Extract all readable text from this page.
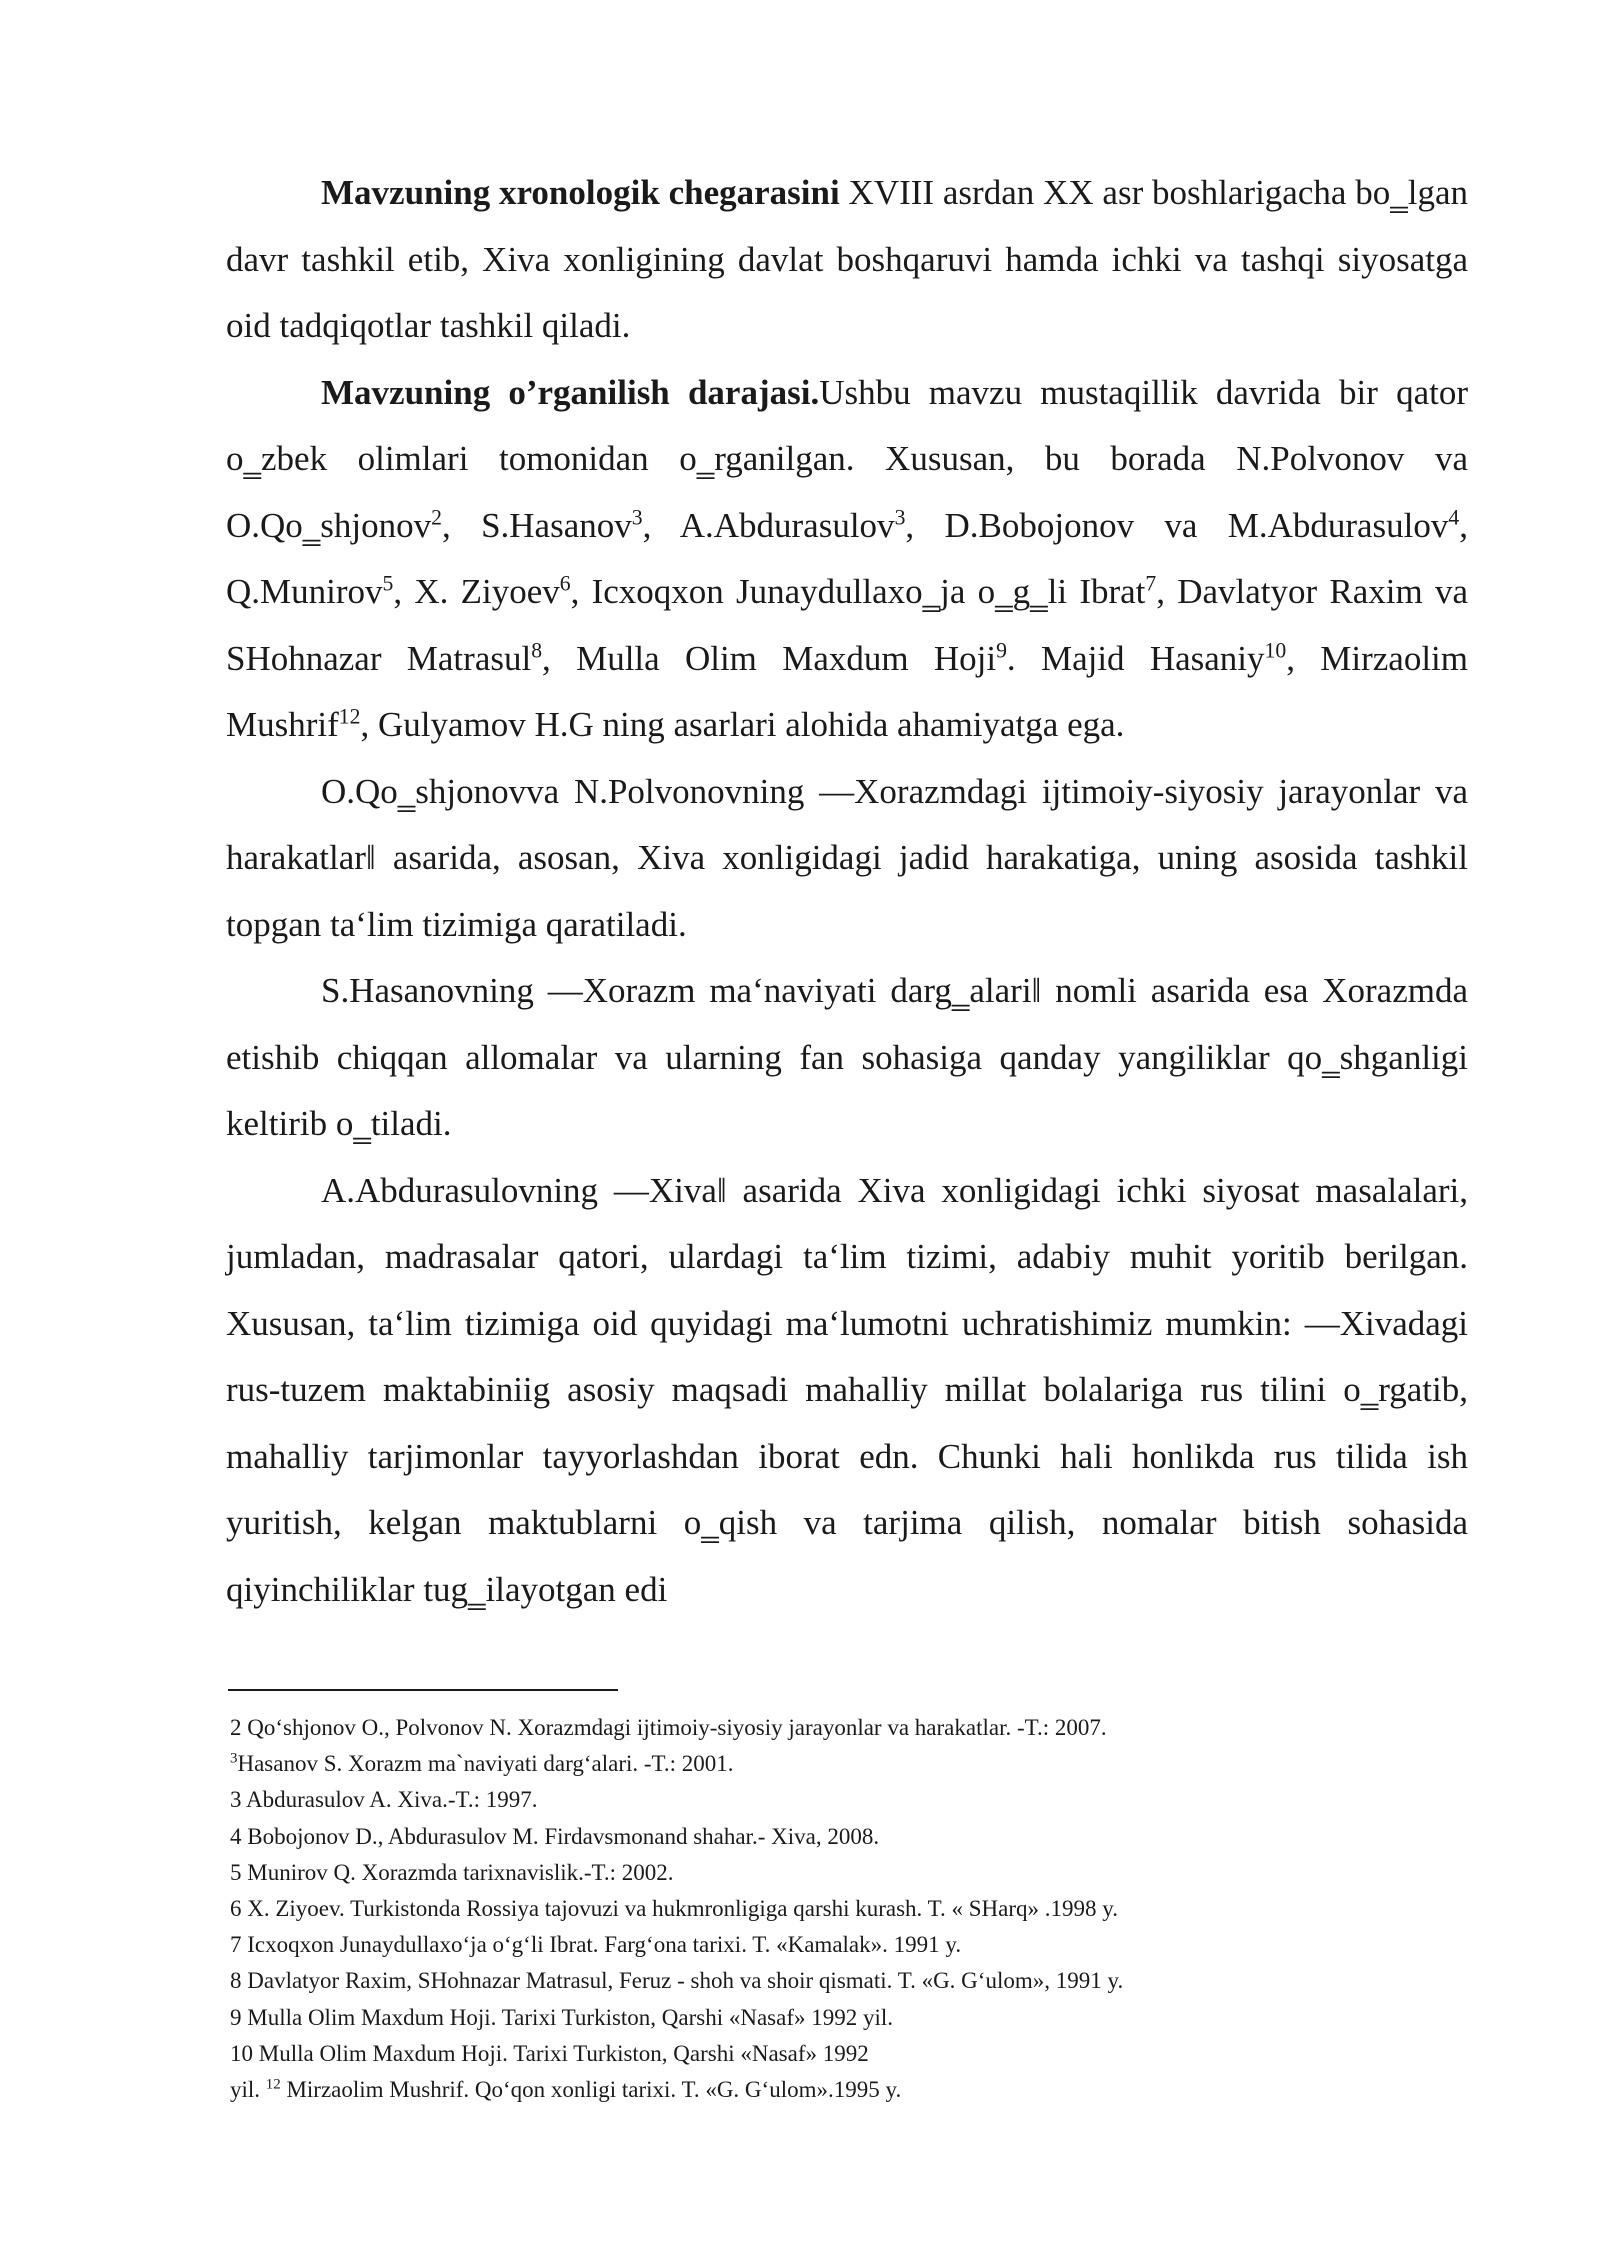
Mavzuning xronologik chegarasini XVIII asrdan XX asr boshlarigacha bo‗lgan davr tashkil etib, Xiva xonligining davlat boshqaruvi hamda ichki va tashqi siyosatga oid tadqiqotlar tashkil qiladi.

Mavzuning o’rganilish darajasi.Ushbu mavzu mustaqillik davrida bir qator o‗zbek olimlari tomonidan o‗rganilgan. Xususan, bu borada N.Polvonov va O.Qo‗shjonov$^2$, S.Hasanov$^3$, A.Abdurasulov$^3$, D.Bobojonov va M.Abdurasulov$^4$, Q.Munirov$^5$, X. Ziyoev$^6$, Icxoqxon Junaydullaxo‗ja o‗g‗li Ibrat$^7$, Davlatyor Raxim va SHohnazar Matrasul$^8$, Mulla Olim Maxdum Hoji$^9$. Majid Hasaniy$^{10}$, Mirzaolim Mushrif$^{12}$, Gulyamov H.G ning asarlari alohida ahamiyatga ega.

O.Qo‗shjonovva N.Polvonovning ―Xorazmdagi ijtimoiy-siyosiy jarayonlar va harakatlar‖ asarida, asosan, Xiva xonligidagi jadid harakatiga, uning asosida tashkil topgan ta‘lim tizimiga qaratiladi.

S.Hasanovning ―Xorazm ma‘naviyati darg‗alari‖ nomli asarida esa Xorazmda etishib chiqqan allomalar va ularning fan sohasiga qanday yangiliklar qo‗shganligi keltirib o‗tiladi.

A.Abdurasulovning ―Xiva‖ asarida Xiva xonligidagi ichki siyosat masalalari, jumladan, madrasalar qatori, ulardagi ta‘lim tizimi, adabiy muhit yoritib berilgan. Xususan, ta‘lim tizimiga oid quyidagi ma‘lumotni uchratishimiz mumkin: ―Xivadagi rus-tuzem maktabiniig asosiy maqsadi mahalliy millat bolalariga rus tilini o‗rgatib, mahalliy tarjimonlar tayyorlashdan iborat edn. Chunki hali honlikda rus tilida ish yuritish, kelgan maktublarni o‗qish va tarjima qilish, nomalar bitish sohasida qiyinchiliklar tug‗ilayotgan edi

2 Qo‘shjonov O., Polvonov N. Xorazmdagi ijtimoiy-siyosiy jarayonlar va harakatlar. -T.: 2007.
$^3$Hasanov S. Xorazm ma`naviyati darg‘alari. -T.: 2001.
3 Abdurasulov A. Xiva.-T.: 1997.
4 Bobojonov D., Abdurasulov M. Firdavsmonand shahar.- Xiva, 2008.
5 Munirov Q. Xorazmda tarixnavislik.-T.: 2002.
6 X. Ziyoev. Turkistonda Rossiya tajovuzi va hukmronligiga qarshi kurash. T. « SHarq» .1998 y.
7 Icxoqxon Junaydullaxo‘ja o‘g‘li Ibrat. Farg‘ona tarixi. T. «Kamalak». 1991 y.
8 Davlatyor Raxim, SHohnazar Matrasul, Feruz - shoh va shoir qismati. T. «G. G‘ulom», 1991 y.
9 Mulla Olim Maxdum Hoji. Tarixi Turkiston, Qarshi «Nasaf» 1992 yil.
10 Mulla Olim Maxdum Hoji. Tarixi Turkiston, Qarshi «Nasaf» 1992
yil. $^{12}$ Mirzaolim Mushrif. Qo‘qon xonligi tarixi. T. «G. G‘ulom».1995 y.
